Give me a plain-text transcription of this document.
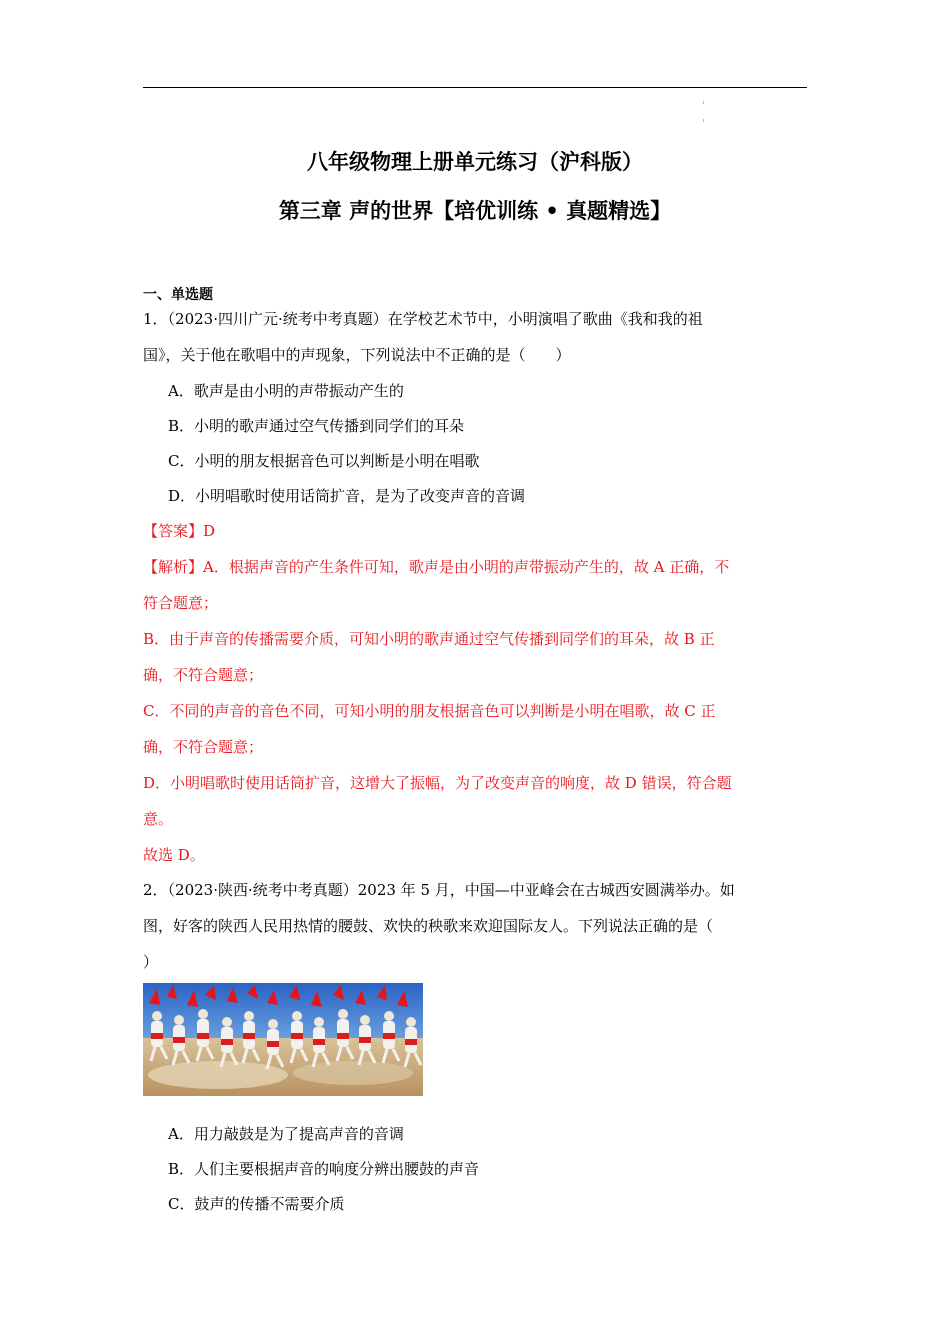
八年级物理上册单元练习（沪科版）
第三章 声的世界【培优训练 • 真题精选】
一、单选题
1．（2023·四川广元·统考中考真题）在学校艺术节中，小明演唱了歌曲《我和我的祖
国》，关于他在歌唱中的声现象，下列说法中不正确的是（　　）
A．歌声是由小明的声带振动产生的
B．小明的歌声通过空气传播到同学们的耳朵
C．小明的朋友根据音色可以判断是小明在唱歌
D．小明唱歌时使用话筒扩音，是为了改变声音的音调
【答案】D
【解析】A．根据声音的产生条件可知，歌声是由小明的声带振动产生的，故 A 正确，不
符合题意；
B．由于声音的传播需要介质，可知小明的歌声通过空气传播到同学们的耳朵，故 B 正
确，不符合题意；
C．不同的声音的音色不同，可知小明的朋友根据音色可以判断是小明在唱歌，故 C 正
确，不符合题意；
D．小明唱歌时使用话筒扩音，这增大了振幅，为了改变声音的响度，故 D 错误，符合题
意。
故选 D。
2．（2023·陕西·统考中考真题）2023 年 5 月，中国—中亚峰会在古城西安圆满举办。如
图，好客的陕西人民用热情的腰鼓、欢快的秧歌来欢迎国际友人。下列说法正确的是（
）
A．用力敲鼓是为了提高声音的音调
B．人们主要根据声音的响度分辨出腰鼓的声音
C．鼓声的传播不需要介质
